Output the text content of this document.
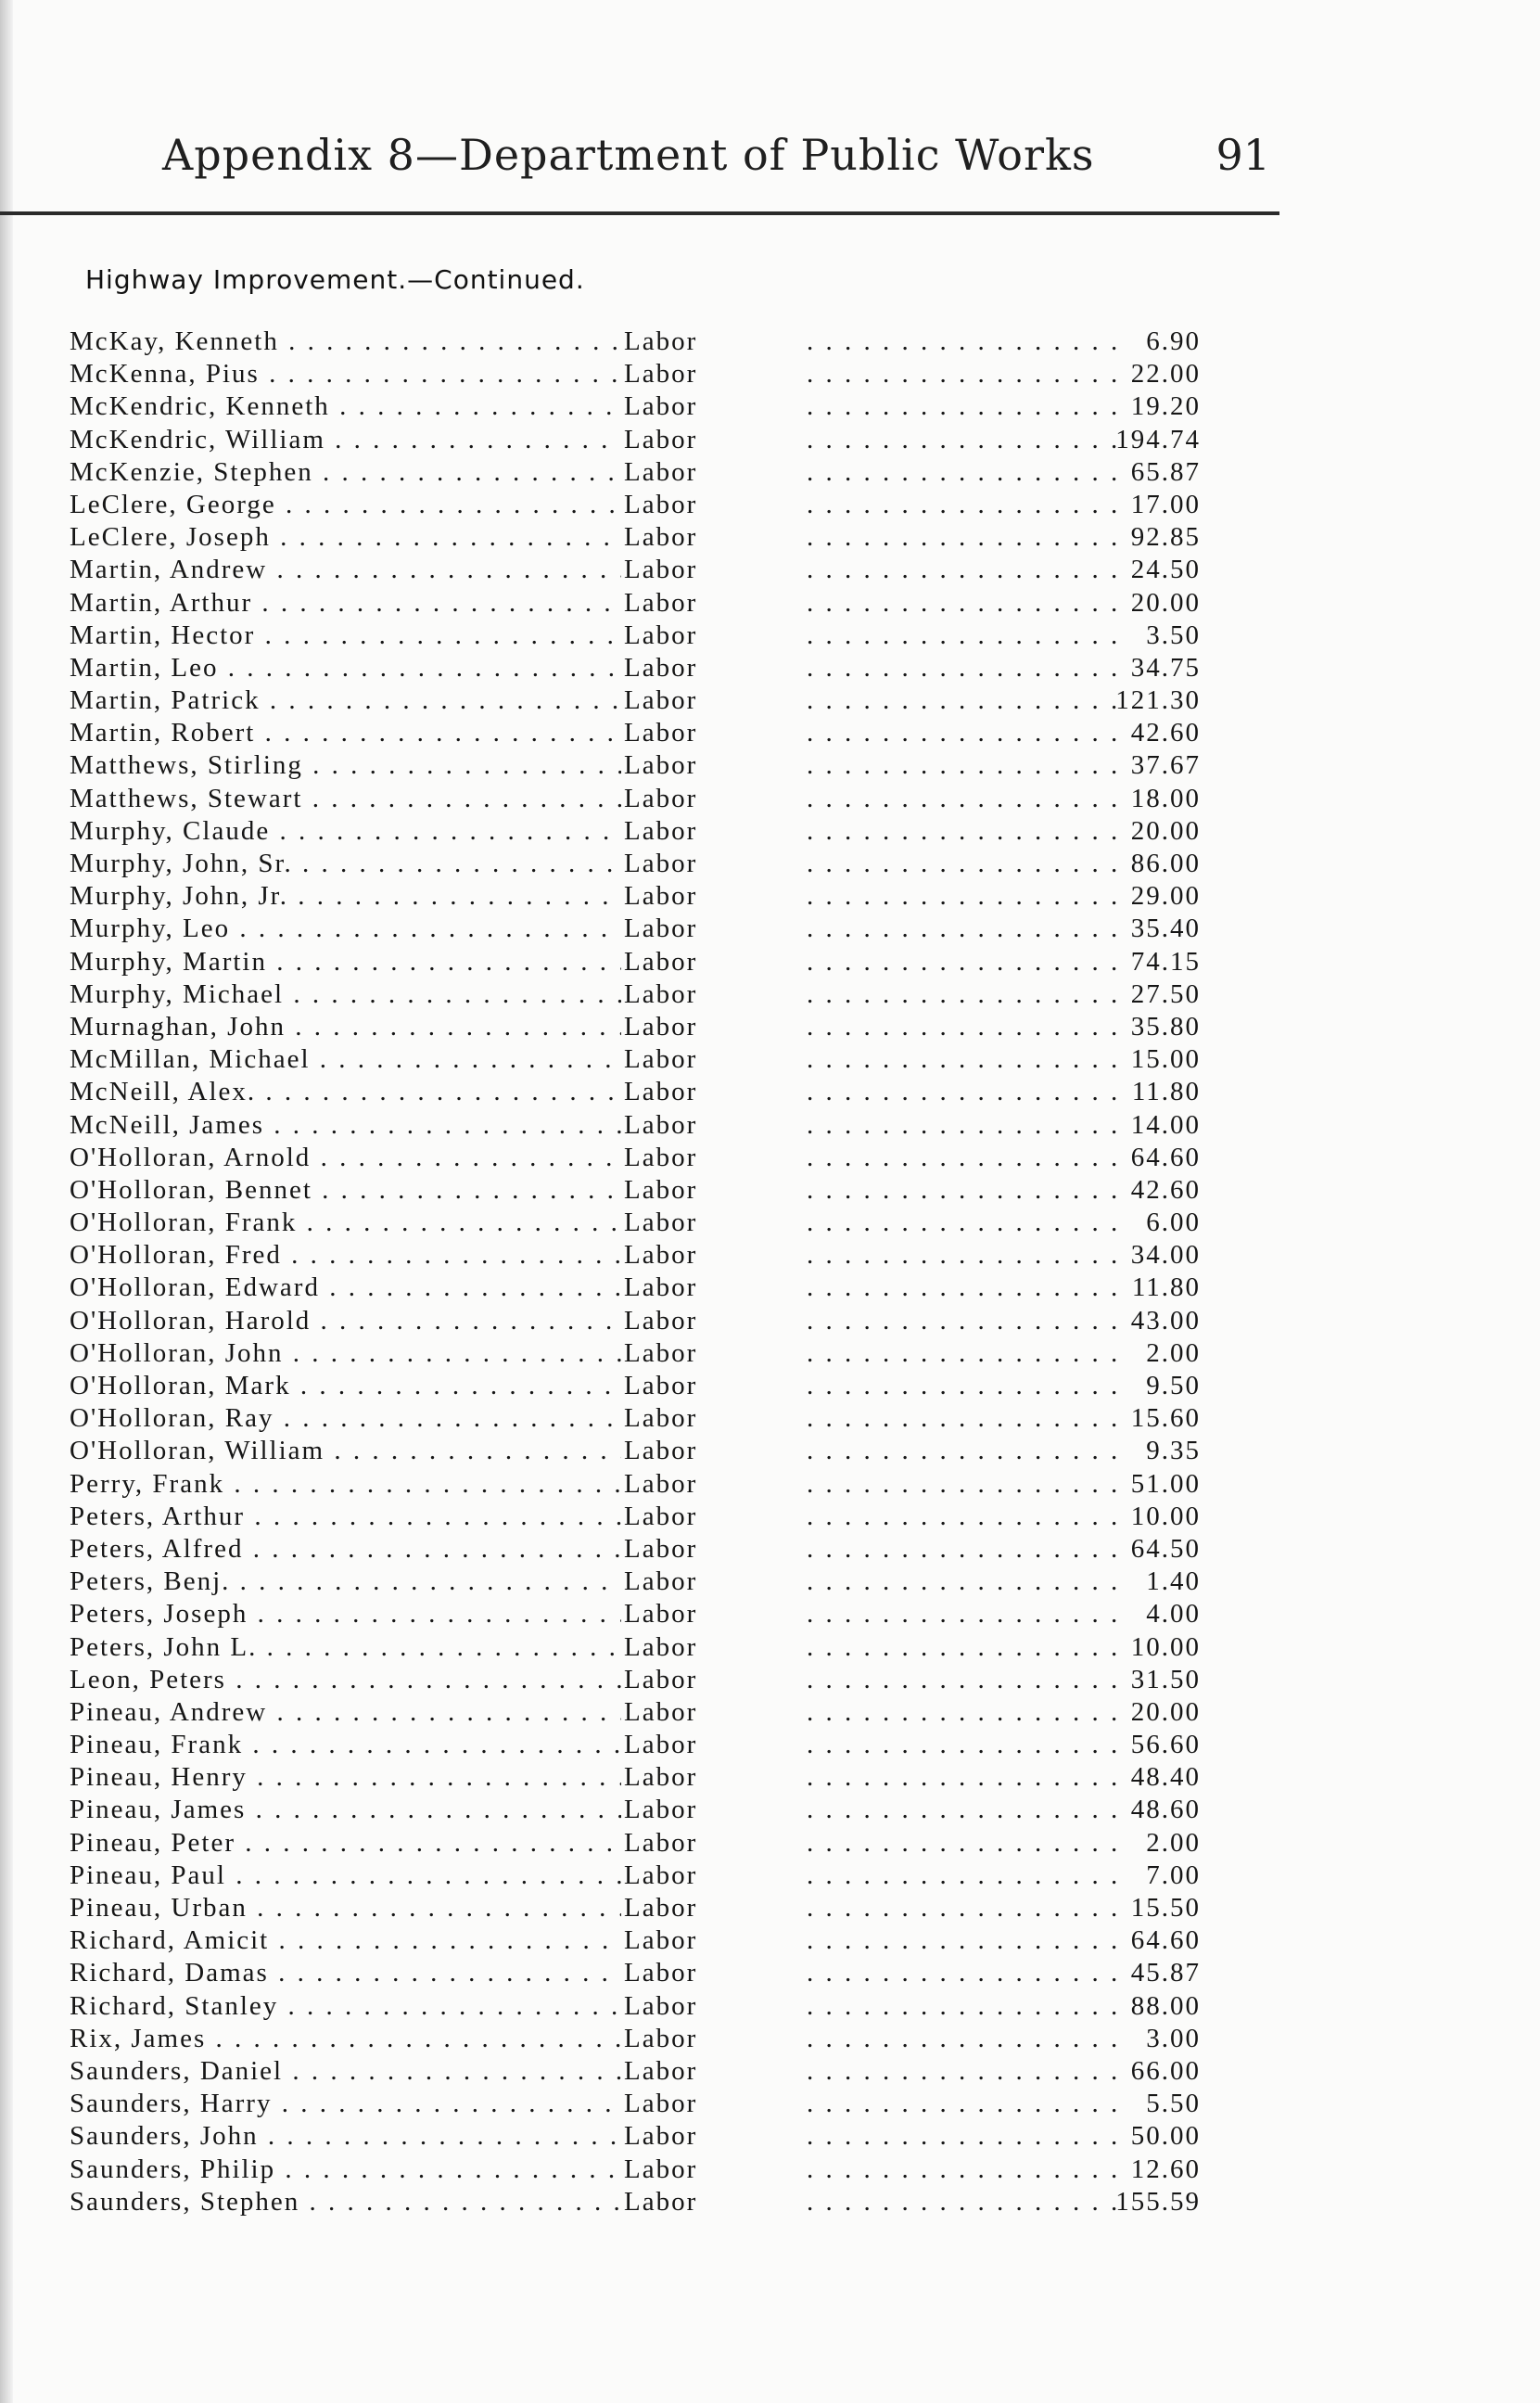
Appendix 8—Department of Public Works	91
Highway Improvement.—Continued.
McKay, Kenneth . . .	Labor . . .	6.90
McKenna, Pius . . .	Labor . . .	22.00
McKendric, Kenneth . . .	Labor . . .	19.20
McKendric, William . . .	Labor . . .	194.74
McKenzie, Stephen . . .	Labor . . .	65.87
LeClere, George . . .	Labor . . .	17.00
LeClere, Joseph . . .	Labor . . .	92.85
Martin, Andrew . . .	Labor . . .	24.50
Martin, Arthur . . .	Labor . . .	20.00
Martin, Hector . . .	Labor . . .	3.50
Martin, Leo . . .	Labor . . .	34.75
Martin, Patrick . . .	Labor . . .	121.30
Martin, Robert . . .	Labor . . .	42.60
Matthews, Stirling . . .	Labor . . .	37.67
Matthews, Stewart . . .	Labor . . .	18.00
Murphy, Claude . . .	Labor . . .	20.00
Murphy, John, Sr. . . .	Labor . . .	86.00
Murphy, John, Jr. . . .	Labor . . .	29.00
Murphy, Leo . . .	Labor . . .	35.40
Murphy, Martin . . .	Labor . . .	74.15
Murphy, Michael . . .	Labor . . .	27.50
Murnaghan, John . . .	Labor . . .	35.80
McMillan, Michael . . .	Labor . . .	15.00
McNeill, Alex. . . .	Labor . . .	11.80
McNeill, James . . .	Labor . . .	14.00
O'Holloran, Arnold . . .	Labor . . .	64.60
O'Holloran, Bennet . . .	Labor . . .	42.60
O'Holloran, Frank . . .	Labor . . .	6.00
O'Holloran, Fred . . .	Labor . . .	34.00
O'Holloran, Edward . . .	Labor . . .	11.80
O'Holloran, Harold . . .	Labor . . .	43.00
O'Holloran, John . . .	Labor . . .	2.00
O'Holloran, Mark . . .	Labor . . .	9.50
O'Holloran, Ray . . .	Labor . . .	15.60
O'Holloran, William . . .	Labor . . .	9.35
Perry, Frank . . .	Labor . . .	51.00
Peters, Arthur . . .	Labor . . .	10.00
Peters, Alfred . . .	Labor . . .	64.50
Peters, Benj. . . .	Labor . . .	1.40
Peters, Joseph . . .	Labor . . .	4.00
Peters, John L. . . .	Labor . . .	10.00
Leon, Peters . . .	Labor . . .	31.50
Pineau, Andrew . . .	Labor . . .	20.00
Pineau, Frank . . .	Labor . . .	56.60
Pineau, Henry . . .	Labor . . .	48.40
Pineau, James . . .	Labor . . .	48.60
Pineau, Peter . . .	Labor . . .	2.00
Pineau, Paul . . .	Labor . . .	7.00
Pineau, Urban . . .	Labor . . .	15.50
Richard, Amicit . . .	Labor . . .	64.60
Richard, Damas . . .	Labor . . .	45.87
Richard, Stanley . . .	Labor . . .	88.00
Rix, James . . .	Labor . . .	3.00
Saunders, Daniel . . .	Labor . . .	66.00
Saunders, Harry . . .	Labor . . .	5.50
Saunders, John . . .	Labor . . .	50.00
Saunders, Philip . . .	Labor . . .	12.60
Saunders, Stephen . . .	Labor . . .	155.59
